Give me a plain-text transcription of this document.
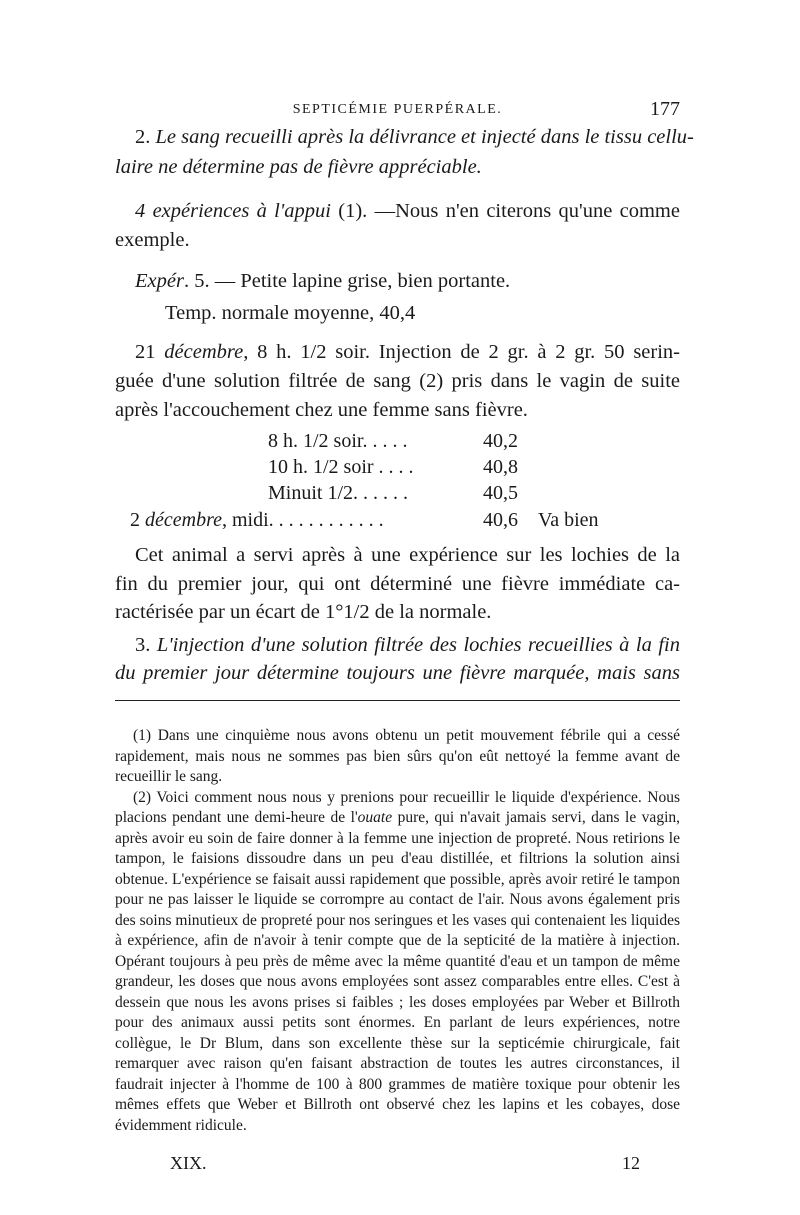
SEPTICÉMIE PUERPÉRALE.	177
2. Le sang recueilli après la délivrance et injecté dans le tissu cellu-
laire ne détermine pas de fièvre appréciable.
4 expériences à l'appui (1). —Nous n'en citerons qu'une comme
exemple.
Expér. 5. — Petite lapine grise, bien portante.
Temp. normale moyenne, 40,4
21 décembre, 8 h. 1/2 soir. Injection de 2 gr. à 2 gr. 50 serin-
guée d'une solution filtrée de sang (2) pris dans le vagin de suite
après l'accouchement chez une femme sans fièvre.
8 h. 1/2 soir. . . . .	40,2
10 h. 1/2 soir . . . .	40,8
Minuit 1/2. . . . . .	40,5
2 décembre, midi. . . . . . . . . . . .	40,6 Va bien
Cet animal a servi après à une expérience sur les lochies de la
fin du premier jour, qui ont déterminé une fièvre immédiate ca-
ractérisée par un écart de 1°1/2 de la normale.
3. L'injection d'une solution filtrée des lochies recueillies à la fin
du premier jour détermine toujours une fièvre marquée, mais sans

(1) Dans une cinquième nous avons obtenu un petit mouvement fébrile qui a cessé rapidement, mais nous ne sommes pas bien sûrs qu'on eût nettoyé la femme avant de recueillir le sang.

(2) Voici comment nous nous y prenions pour recueillir le liquide d'expérience. Nous placions pendant une demi-heure de l'ouate pure, qui n'avait jamais servi, dans le vagin, après avoir eu soin de faire donner à la femme une injection de propreté. Nous retirions le tampon, le faisions dissoudre dans un peu d'eau distillée, et filtrions la solution ainsi obtenue. L'expérience se faisait aussi rapidement que possible, après avoir retiré le tampon pour ne pas laisser le liquide se corrompre au contact de l'air. Nous avons également pris des soins minutieux de propreté pour nos seringues et les vases qui contenaient les liquides à expérience, afin de n'avoir à tenir compte que de la septicité de la matière à injection. Opérant toujours à peu près de même avec la même quantité d'eau et un tampon de même grandeur, les doses que nous avons employées sont assez comparables entre elles. C'est à dessein que nous les avons prises si faibles ; les doses employées par Weber et Billroth pour des animaux aussi petits sont énormes. En parlant de leurs expériences, notre collègue, le Dr Blum, dans son excellente thèse sur la septicémie chirurgicale, fait remarquer avec raison qu'en faisant abstraction de toutes les autres circonstances, il faudrait injecter à l'homme de 100 à 800 grammes de matière toxique pour obtenir les mêmes effets que Weber et Billroth ont observé chez les lapins et les cobayes, dose évidemment ridicule.

XIX.	12
